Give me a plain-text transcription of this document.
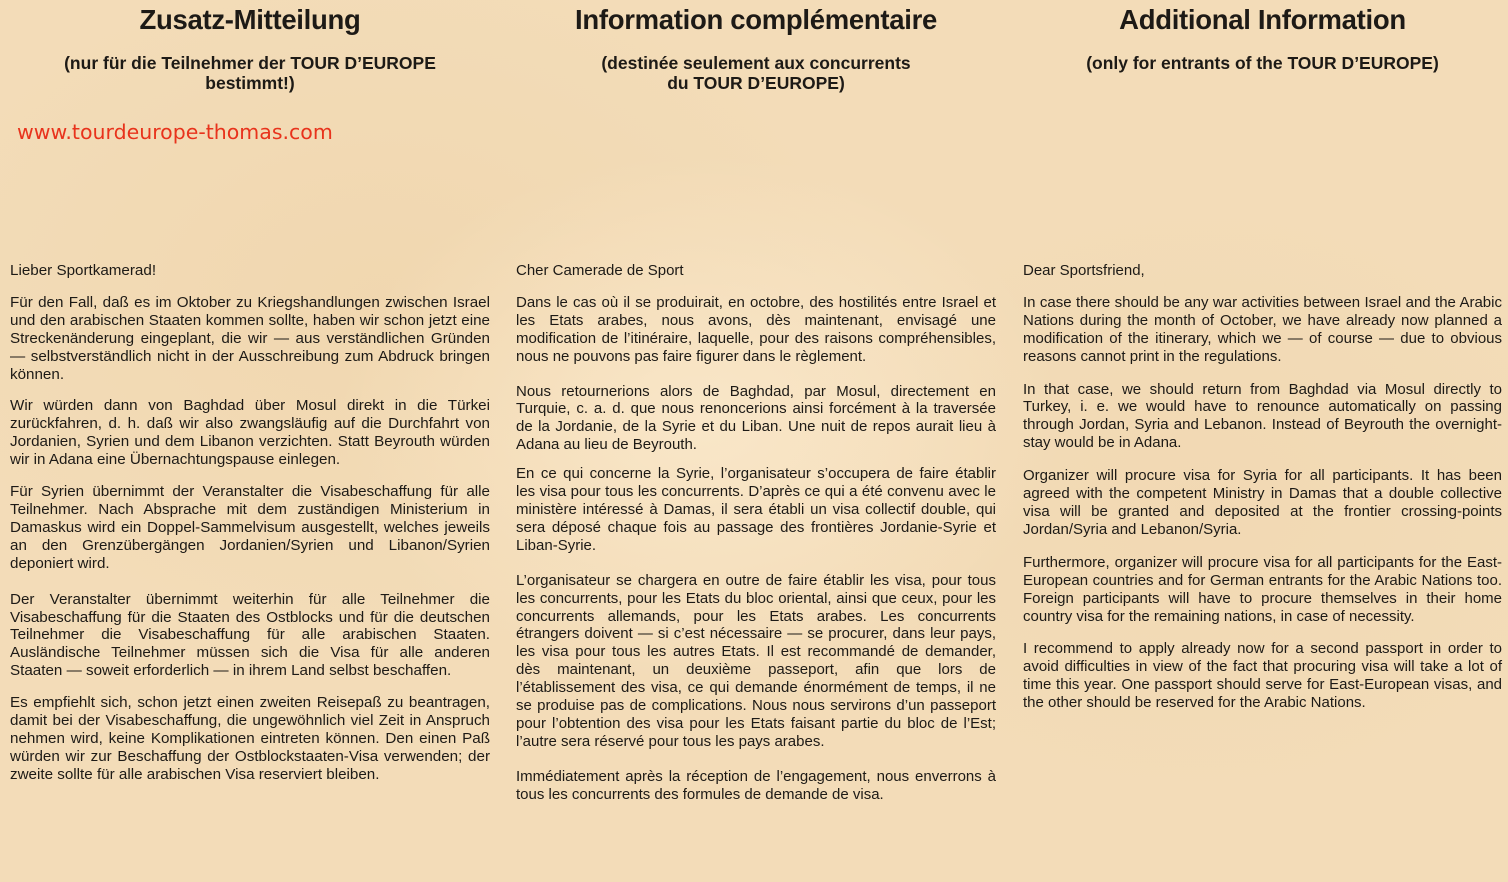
Zusatz-Mitteilung
(nur für die Teilnehmer der TOUR D’EUROPE
bestimmt!)

Lieber Sportkamerad!

Für den Fall, daß es im Oktober zu Kriegshandlungen zwischen Israel und den arabischen Staaten kommen sollte, haben wir schon jetzt eine Streckenänderung eingeplant, die wir — aus verständlichen Gründen — selbstverständlich nicht in der Ausschreibung zum Abdruck bringen können.

Wir würden dann von Baghdad über Mosul direkt in die Türkei zurückfahren, d. h. daß wir also zwangsläufig auf die Durchfahrt von Jordanien, Syrien und dem Libanon verzichten. Statt Beyrouth würden wir in Adana eine Übernachtungspause einlegen.

Für Syrien übernimmt der Veranstalter die Visabeschaffung für alle Teilnehmer. Nach Absprache mit dem zuständigen Ministerium in Damaskus wird ein Doppel-Sammelvisum ausgestellt, welches jeweils an den Grenzübergängen Jordanien/Syrien und Libanon/Syrien deponiert wird.

Der Veranstalter übernimmt weiterhin für alle Teilnehmer die Visabeschaffung für die Staaten des Ostblocks und für die deutschen Teilnehmer die Visabeschaffung für alle arabischen Staaten. Ausländische Teilnehmer müssen sich die Visa für alle anderen Staaten — soweit erforderlich — in ihrem Land selbst beschaffen.

Es empfiehlt sich, schon jetzt einen zweiten Reisepaß zu beantragen, damit bei der Visabeschaffung, die ungewöhnlich viel Zeit in Anspruch nehmen wird, keine Komplikationen eintreten können. Den einen Paß würden wir zur Beschaffung der Ostblockstaaten-Visa verwenden; der zweite sollte für alle arabischen Visa reserviert bleiben.

www.tourdeurope-thomas.com
Information complémentaire
(destinée seulement aux concurrents
du TOUR D’EUROPE)

Cher Camerade de Sport

Dans le cas où il se produirait, en octobre, des hostilités entre Israel et les Etats arabes, nous avons, dès maintenant, envisagé une modification de l’itinéraire, laquelle, pour des raisons compréhensibles, nous ne pouvons pas faire figurer dans le règlement.

Nous retournerions alors de Baghdad, par Mosul, directement en Turquie, c. a. d. que nous renoncerions ainsi forcément à la traversée de la Jordanie, de la Syrie et du Liban. Une nuit de repos aurait lieu à Adana au lieu de Beyrouth.

En ce qui concerne la Syrie, l’organisateur s’occupera de faire établir les visa pour tous les concurrents. D’après ce qui a été convenu avec le ministère intéressé à Damas, il sera établi un visa collectif double, qui sera déposé chaque fois au passage des frontières Jordanie-Syrie et Liban-Syrie.

L’organisateur se chargera en outre de faire établir les visa, pour tous les concurrents, pour les Etats du bloc oriental, ainsi que ceux, pour les concurrents allemands, pour les Etats arabes. Les concurrents étrangers doivent — si c’est nécessaire — se procurer, dans leur pays, les visa pour tous les autres Etats. Il est recommandé de demander, dès maintenant, un deuxième passeport, afin que lors de l’établissement des visa, ce qui demande énormément de temps, il ne se produise pas de complications. Nous nous servirons d’un passeport pour l’obtention des visa pour les Etats faisant partie du bloc de l’Est; l’autre sera réservé pour tous les pays arabes.

Immédiatement après la réception de l’engagement, nous enverrons à tous les concurrents des formules de demande de visa.

Additional Information
(only for entrants of the TOUR D’EUROPE)

Dear Sportsfriend,

In case there should be any war activities between Israel and the Arabic Nations during the month of October, we have already now planned a modification of the itinerary, which we — of course — due to obvious reasons cannot print in the regulations.

In that case, we should return from Baghdad via Mosul directly to Turkey, i. e. we would have to renounce automatically on passing through Jordan, Syria and Lebanon. Instead of Beyrouth the overnight-stay would be in Adana.

Organizer will procure visa for Syria for all participants. It has been agreed with the competent Ministry in Damas that a double collective visa will be granted and deposited at the frontier crossing-points Jordan/Syria and Lebanon/Syria.

Furthermore, organizer will procure visa for all participants for the East-European countries and for German entrants for the Arabic Nations too. Foreign participants will have to procure themselves in their home country visa for the remaining nations, in case of necessity.

I recommend to apply already now for a second passport in order to avoid difficulties in view of the fact that procuring visa will take a lot of time this year. One passport should serve for East-European visas, and the other should be reserved for the Arabic Nations.
